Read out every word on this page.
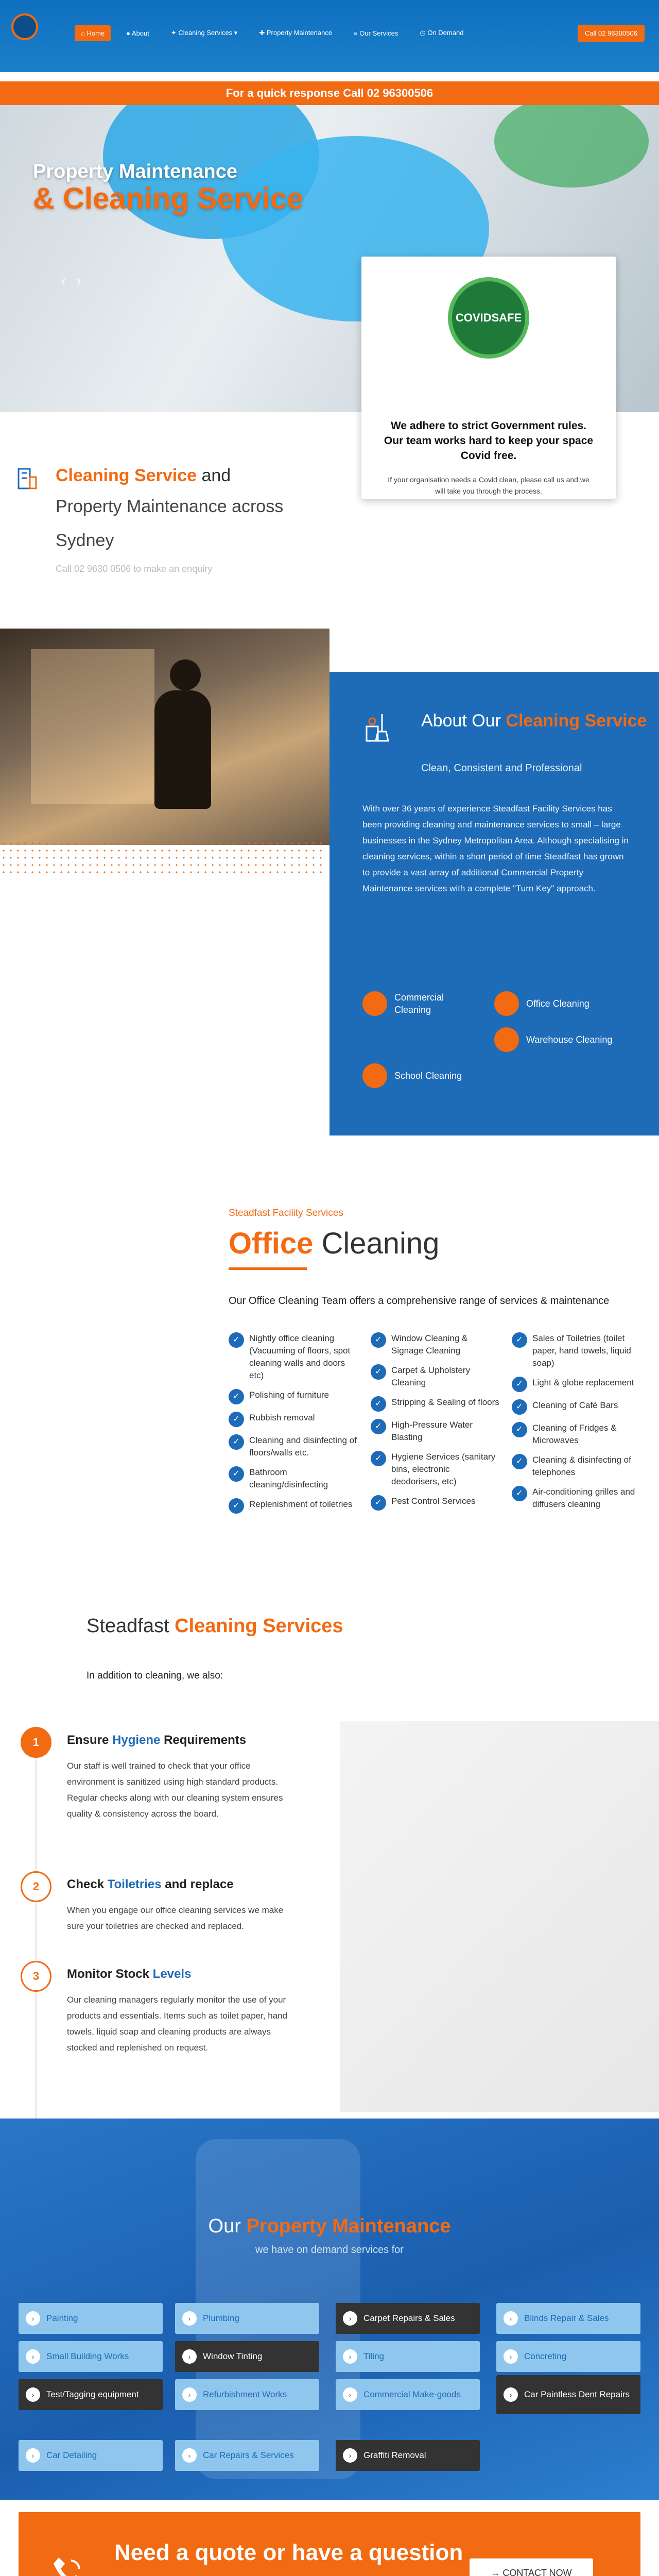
⌂ Home	● About	✦ Cleaning Services ▾	✚ Property Maintenance	≡ Our Services	◷ On Demand	Call 02 96300506
For a quick response Call 02 96300506
Property Maintenance
& Cleaning Service
‹ ›
COVIDSAFE
We adhere to strict Government rules. Our team works hard to keep your space Covid free.
If your organisation needs a Covid clean, please call us and we will take you through the process.
Cleaning Service and
Property Maintenance across
Sydney
Call 02 9630 0506 to make an enquiry
About Our Cleaning Service
Clean, Consistent and Professional
With over 36 years of experience Steadfast Facility Services has been providing cleaning and maintenance services to small – large businesses in the Sydney Metropolitan Area. Although specialising in cleaning services, within a short period of time Steadfast has grown to provide a vast array of additional Commercial Property Maintenance services with a complete "Turn Key" approach.
Commercial Cleaning
Office Cleaning
Warehouse Cleaning
School Cleaning
Steadfast Facility Services
Office Cleaning
Our Office Cleaning Team offers a comprehensive range of services & maintenance
✓	Nightly office cleaning (Vacuuming of floors, spot cleaning walls and doors etc)
✓	Polishing of furniture
✓	Rubbish removal
✓	Cleaning and disinfecting of floors/walls etc.
✓	Bathroom cleaning/disinfecting
✓	Replenishment of toiletries
✓	Window Cleaning & Signage Cleaning
✓	Carpet & Upholstery Cleaning
✓	Stripping & Sealing of floors
✓	High-Pressure Water Blasting
✓	Hygiene Services (sanitary bins, electronic deodorisers, etc)
✓	Pest Control Services
✓	Sales of Toiletries (toilet paper, hand towels, liquid soap)
✓	Light & globe replacement
✓	Cleaning of Café Bars
✓	Cleaning of Fridges & Microwaves
✓	Cleaning & disinfecting of telephones
✓	Air-conditioning grilles and diffusers cleaning
Steadfast Cleaning Services
In addition to cleaning, we also:
1	Ensure Hygiene Requirements
Our staff is well trained to check that your office environment is sanitized using high standard products. Regular checks along with our cleaning system ensures quality & consistency across the board.
2	Check Toiletries and replace
When you engage our office cleaning services we make sure your toiletries are checked and replaced.
3	Monitor Stock Levels
Our cleaning managers regularly monitor the use of your products and essentials. Items such as toilet paper, hand towels, liquid soap and cleaning products are always stocked and replenished on request.
Our Property Maintenance
we have on demand services for
›	Painting	›	Plumbing	›	Carpet Repairs & Sales	›	Blinds Repair & Sales
›	Small Building Works	›	Window Tinting	›	Tiling	›	Concreting
›	Test/Tagging equipment	›	Refurbishment Works	›	Commercial Make-goods	›	Car Paintless Dent Repairs
›	Car Detailing	›	Car Repairs & Services	›	Graffiti Removal
Need a quote or have a question
→ CONTACT NOW
